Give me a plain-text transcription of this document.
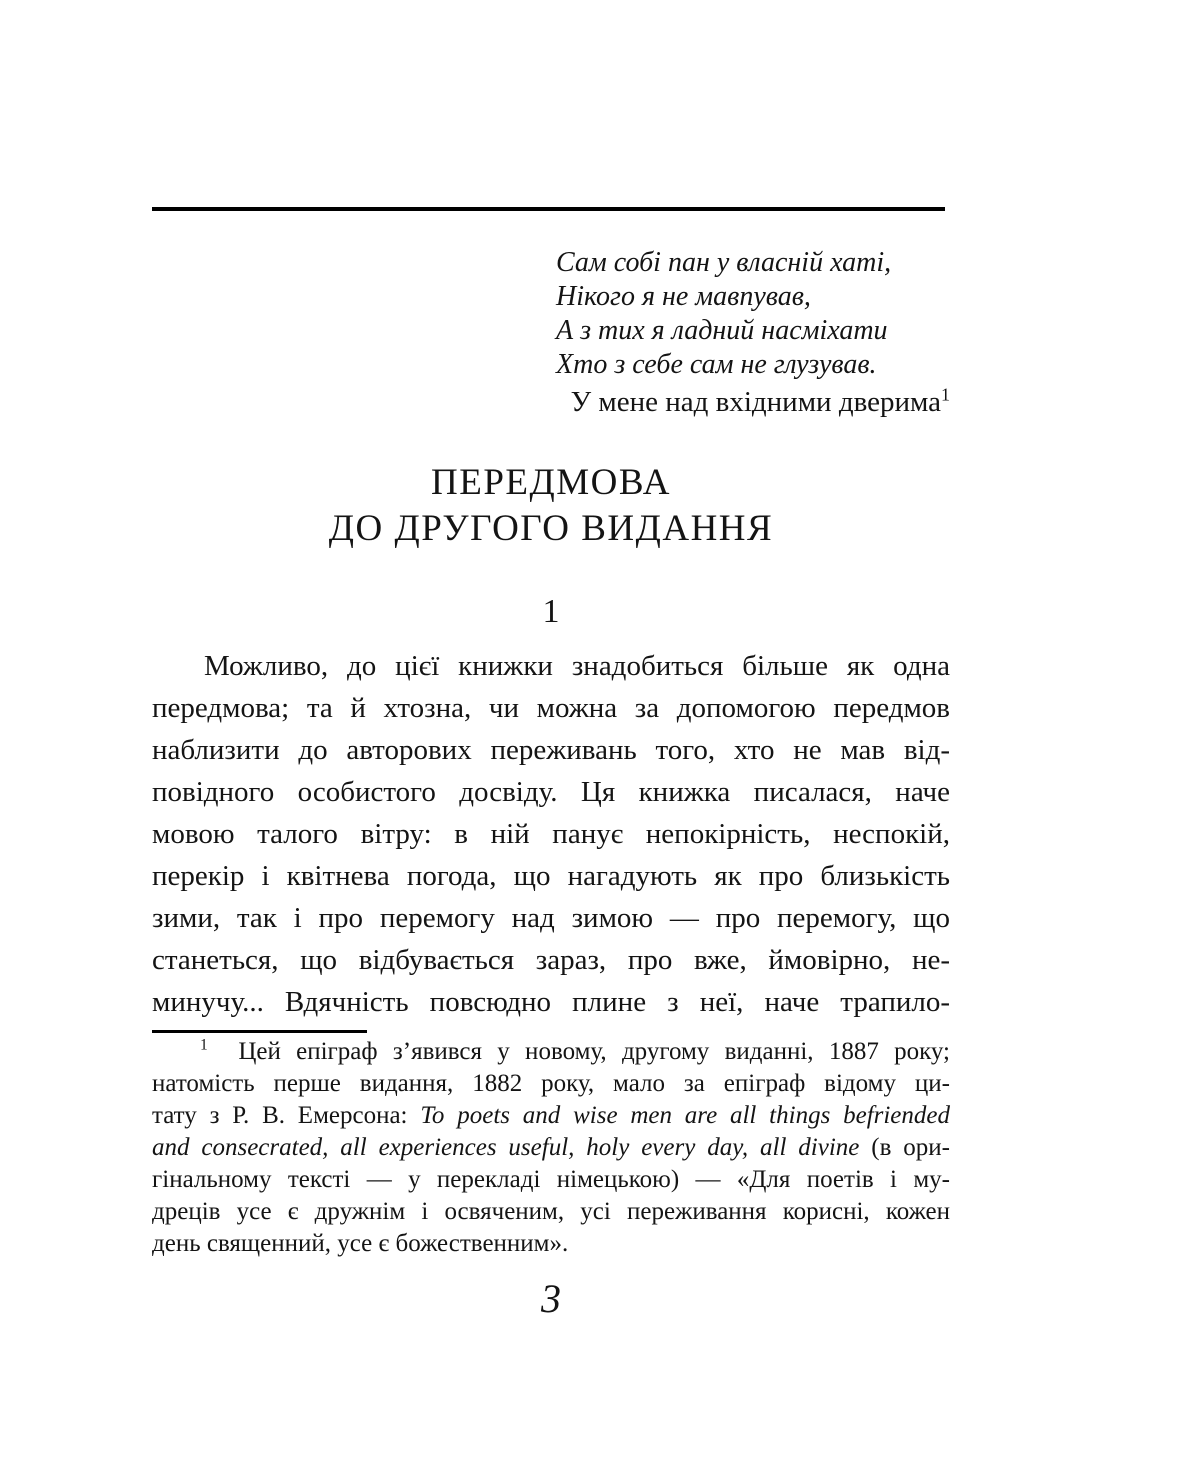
Сам собі пан у власній хаті,
Нікого я не мавпував,
А з тих я ладний насміхати
Хто з себе сам не глузував.
У мене над вхідними дверима$^1$
ПЕРЕДМОВА
ДО ДРУГОГО ВИДАННЯ
1
Можливо, до цієї книжки знадобиться більше як одна
передмова; та й хтозна, чи можна за допомогою передмов
наблизити до авторових переживань того, хто не мав від-
повідного особистого досвіду. Ця книжка писалася, наче
мовою талого вітру: в ній панує непокірність, неспокій,
перекір і квітнева погода, що нагадують як про близькість
зими, так і про перемогу над зимою — про перемогу, що
станеться, що відбувається зараз, про вже, ймовірно, не-
минучу... Вдячність повсюдно плине з неї, наче трапило-
$^1$ Цей епіграф з’явився у новому, другому виданні, 1887 року;
натомість перше видання, 1882 року, мало за епіграф відому ци-
тату з Р. В. Емерсона: To poets and wise men are all things befriended
and consecrated, all experiences useful, holy every day, all divine (в ори-
гінальному тексті — у перекладі німецькою) — «Для поетів і му-
дреців усе є дружнім і освяченим, усі переживання корисні, кожен
день священний, усе є божественним».
3
